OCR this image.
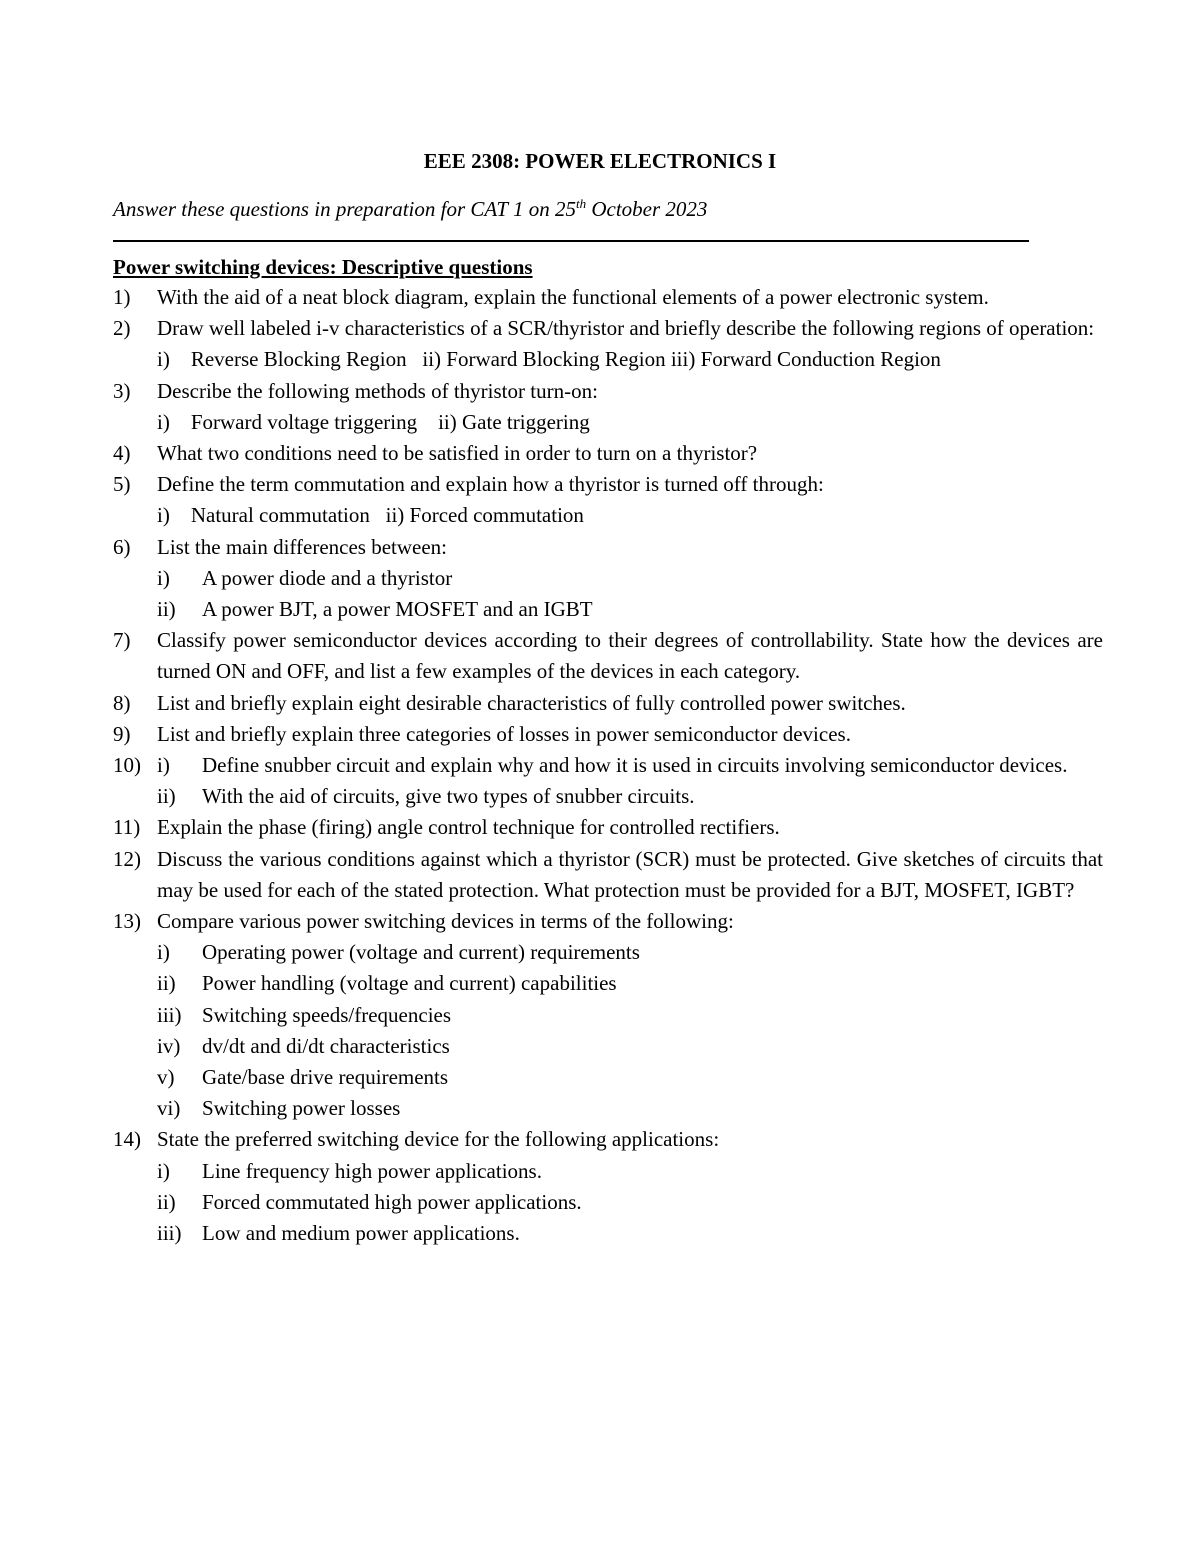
EEE 2308: POWER ELECTRONICS I
Answer these questions in preparation for CAT 1 on 25th October 2023
Power switching devices: Descriptive questions
1) With the aid of a neat block diagram, explain the functional elements of a power electronic system.
2) Draw well labeled i-v characteristics of a SCR/thyristor and briefly describe the following regions of operation:
i)    Reverse Blocking Region   ii) Forward Blocking Region iii) Forward Conduction Region
3) Describe the following methods of thyristor turn-on:
i)    Forward voltage triggering    ii) Gate triggering
4) What two conditions need to be satisfied in order to turn on a thyristor?
5) Define the term commutation and explain how a thyristor is turned off through:
i)    Natural commutation   ii) Forced commutation
6) List the main differences between:
i) A power diode and a thyristor
ii) A power BJT, a power MOSFET and an IGBT
7) Classify power semiconductor devices according to their degrees of controllability. State how the devices are turned ON and OFF, and list a few examples of the devices in each category.
8) List and briefly explain eight desirable characteristics of fully controlled power switches.
9) List and briefly explain three categories of losses in power semiconductor devices.
10) i) Define snubber circuit and explain why and how it is used in circuits involving semiconductor devices.
ii) With the aid of circuits, give two types of snubber circuits.
11) Explain the phase (firing) angle control technique for controlled rectifiers.
12) Discuss the various conditions against which a thyristor (SCR) must be protected. Give sketches of circuits that may be used for each of the stated protection. What protection must be provided for a BJT, MOSFET, IGBT?
13) Compare various power switching devices in terms of the following:
i) Operating power (voltage and current) requirements
ii) Power handling (voltage and current) capabilities
iii) Switching speeds/frequencies
iv) dv/dt and di/dt characteristics
v) Gate/base drive requirements
vi) Switching power losses
14) State the preferred switching device for the following applications:
i) Line frequency high power applications.
ii) Forced commutated high power applications.
iii) Low and medium power applications.
